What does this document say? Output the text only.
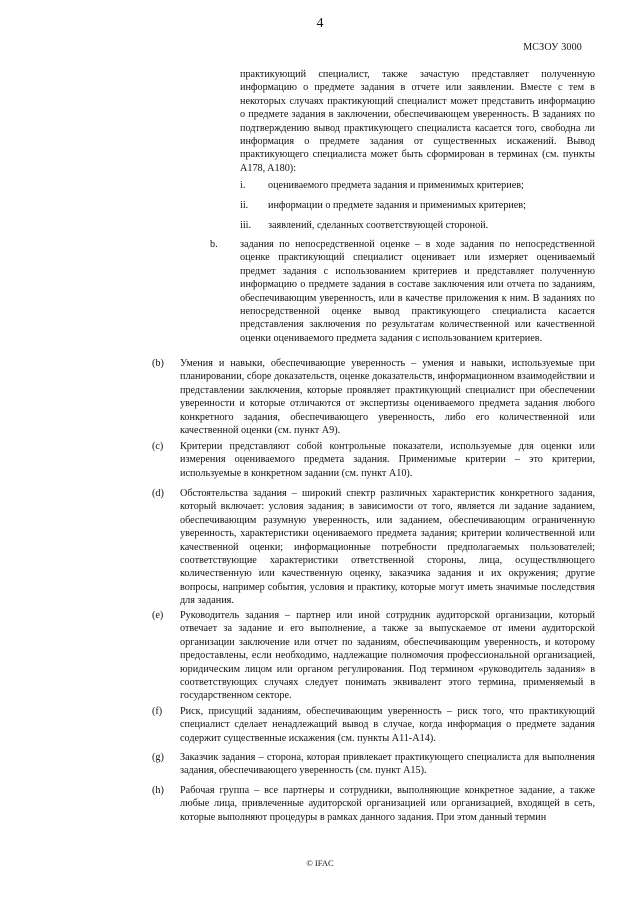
4
МСЗОУ 3000
практикующий специалист, также зачастую представляет полученную информацию о предмете задания в отчете или заявлении. Вместе с тем в некоторых случаях практикующий специалист может представить информацию о предмете задания в заключении, обеспечивающем уверенность. В заданиях по подтверждению вывод практикующего специалиста касается того, свободна ли информация о предмете задания от существенных искажений. Вывод практикующего специалиста может быть сформирован в терминах (см. пункты A178, A180):
i. оцениваемого предмета задания и применимых критериев;
ii. информации о предмете задания и применимых критериев;
iii. заявлений, сделанных соответствующей стороной.
b. задания по непосредственной оценке – в ходе задания по непосредственной оценке практикующий специалист оценивает или измеряет оцениваемый предмет задания с использованием критериев и представляет полученную информацию о предмете задания в составе заключения или отчета по заданиям, обеспечивающим уверенность, или в качестве приложения к ним. В заданиях по непосредственной оценке вывод практикующего специалиста касается представления заключения по результатам количественной или качественной оценки оцениваемого предмета задания с использованием критериев.
(b) Умения и навыки, обеспечивающие уверенность – умения и навыки, используемые при планировании, сборе доказательств, оценке доказательств, информационном взаимодействии и представлении заключения, которые проявляет практикующий специалист при обеспечении уверенности и которые отличаются от экспертизы оцениваемого предмета задания любого конкретного задания, обеспечивающего уверенность, либо его количественной или качественной оценки (см. пункт A9).
(c) Критерии представляют собой контрольные показатели, используемые для оценки или измерения оцениваемого предмета задания. Применимые критерии – это критерии, используемые в конкретном задании (см. пункт A10).
(d) Обстоятельства задания – широкий спектр различных характеристик конкретного задания, который включает: условия задания; в зависимости от того, является ли задание заданием, обеспечивающим разумную уверенность, или заданием, обеспечивающим ограниченную уверенность, характеристики оцениваемого предмета задания; критерии количественной или качественной оценки; информационные потребности предполагаемых пользователей; соответствующие характеристики ответственной стороны, лица, осуществляющего количественную или качественную оценку, заказчика задания и их окружения; другие вопросы, например события, условия и практику, которые могут иметь значимые последствия для задания.
(e) Руководитель задания – партнер или иной сотрудник аудиторской организации, который отвечает за задание и его выполнение, а также за выпускаемое от имени аудиторской организации заключение или отчет по заданиям, обеспечивающим уверенность, и которому предоставлены, если необходимо, надлежащие полномочия профессиональной организацией, юридическим лицом или органом регулирования. Под термином «руководитель задания» в соответствующих случаях следует понимать эквивалент этого термина, применяемый в государственном секторе.
(f) Риск, присущий заданиям, обеспечивающим уверенность – риск того, что практикующий специалист сделает ненадлежащий вывод в случае, когда информация о предмете задания содержит существенные искажения (см. пункты A11-A14).
(g) Заказчик задания – сторона, которая привлекает практикующего специалиста для выполнения задания, обеспечивающего уверенность (см. пункт A15).
(h) Рабочая группа – все партнеры и сотрудники, выполняющие конкретное задание, а также любые лица, привлеченные аудиторской организацией или организацией, входящей в сеть, которые выполняют процедуры в рамках данного задания. При этом данный термин
© IFAC
